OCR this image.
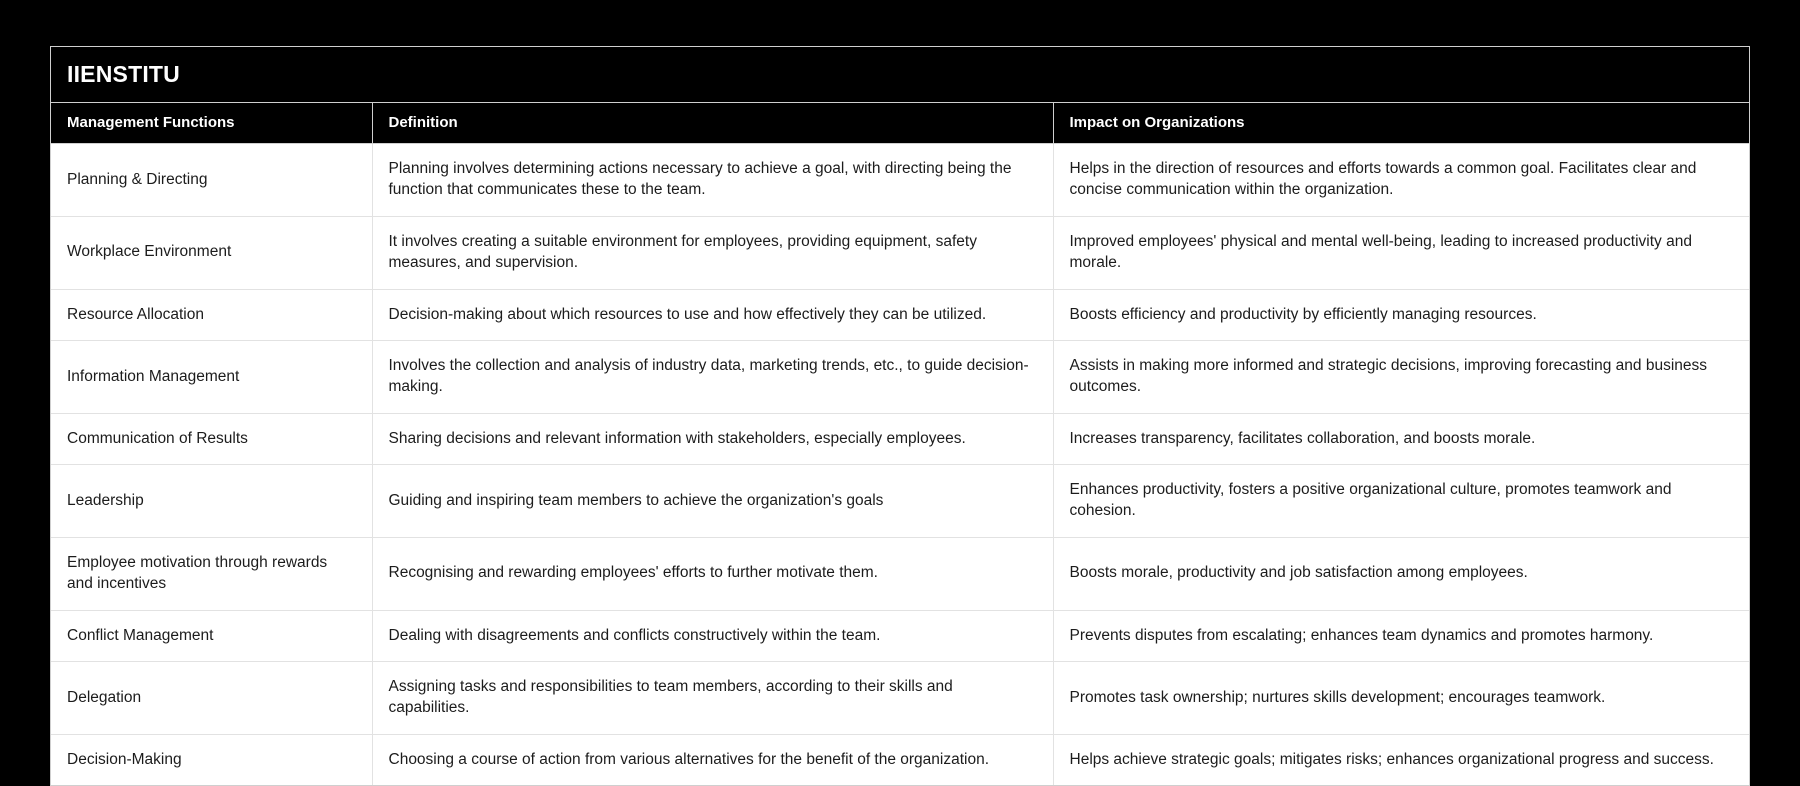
IIENSTITU
Management Functions	Definition	Impact on Organizations
Planning & Directing	Planning involves determining actions necessary to achieve a goal, with directing being the function that communicates these to the team.	Helps in the direction of resources and efforts towards a common goal. Facilitates clear and concise communication within the organization.
Workplace Environment	It involves creating a suitable environment for employees, providing equipment, safety measures, and supervision.	Improved employees' physical and mental well-being, leading to increased productivity and morale.
Resource Allocation	Decision-making about which resources to use and how effectively they can be utilized.	Boosts efficiency and productivity by efficiently managing resources.
Information Management	Involves the collection and analysis of industry data, marketing trends, etc., to guide decision-making.	Assists in making more informed and strategic decisions, improving forecasting and business outcomes.
Communication of Results	Sharing decisions and relevant information with stakeholders, especially employees.	Increases transparency, facilitates collaboration, and boosts morale.
Leadership	Guiding and inspiring team members to achieve the organization's goals	Enhances productivity, fosters a positive organizational culture, promotes teamwork and cohesion.
Employee motivation through rewards and incentives	Recognising and rewarding employees' efforts to further motivate them.	Boosts morale, productivity and job satisfaction among employees.
Conflict Management	Dealing with disagreements and conflicts constructively within the team.	Prevents disputes from escalating; enhances team dynamics and promotes harmony.
Delegation	Assigning tasks and responsibilities to team members, according to their skills and capabilities.	Promotes task ownership; nurtures skills development; encourages teamwork.
Decision-Making	Choosing a course of action from various alternatives for the benefit of the organization.	Helps achieve strategic goals; mitigates risks; enhances organizational progress and success.
